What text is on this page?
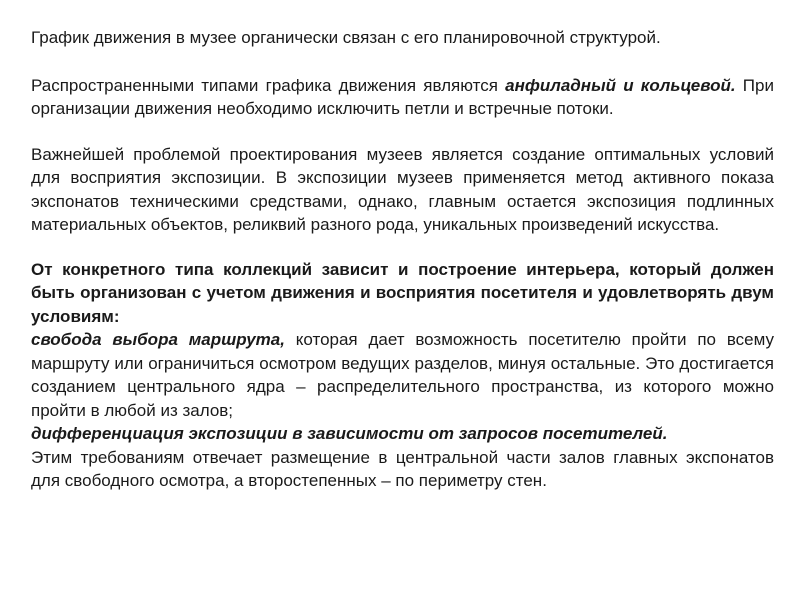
График движения в музее органически связан с его планировочной структурой.

Распространенными типами графика движения являются анфиладный и кольцевой. При организации движения необходимо исключить петли и встречные потоки.

Важнейшей проблемой проектирования музеев является создание оптимальных условий для восприятия экспозиции. В экспозиции музеев применяется метод активного показа экспонатов техническими средствами, однако, главным остается экспозиция подлинных материальных объектов, реликвий разного рода, уникальных произведений искусства.

От конкретного типа коллекций зависит и построение интерьера, который должен быть организован с учетом движения и восприятия посетителя и удовлетворять двум условиям:
свобода выбора маршрута, которая дает возможность посетителю пройти по всему маршруту или ограничиться осмотром ведущих разделов, минуя остальные. Это достигается созданием центрального ядра – распределительного пространства, из которого можно пройти в любой из залов;
дифференциация экспозиции в зависимости от запросов посетителей.
Этим требованиям отвечает размещение в центральной части залов главных экспонатов для свободного осмотра, а второстепенных – по периметру стен.
